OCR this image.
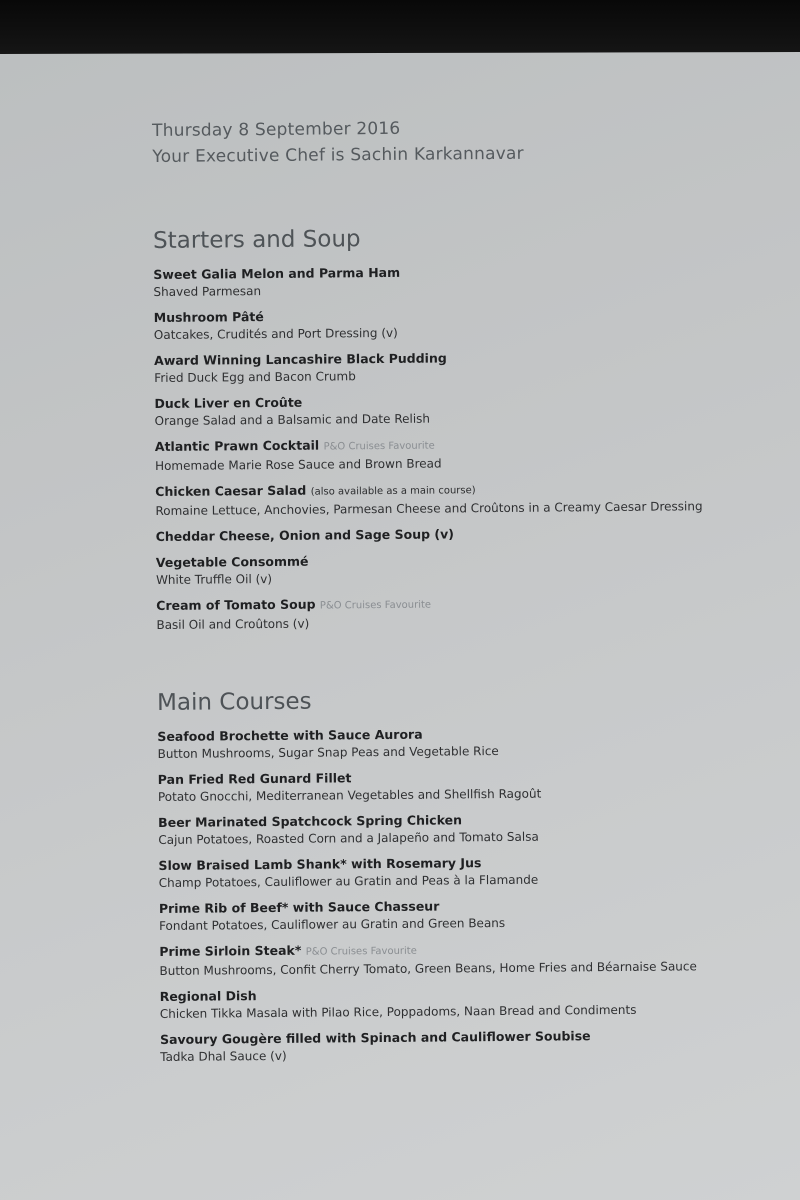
Thursday 8 September 2016

Your Executive Chef is Sachin Karkannavar

Starters and Soup
Sweet Galia Melon and Parma Ham
Shaved Parmesan
Mushroom Pâté
Oatcakes, Crudités and Port Dressing (v)
Award Winning Lancashire Black Pudding
Fried Duck Egg and Bacon Crumb
Duck Liver en Croûte
Orange Salad and a Balsamic and Date Relish
Atlantic Prawn Cocktail P&O Cruises Favourite
Homemade Marie Rose Sauce and Brown Bread
Chicken Caesar Salad (also available as a main course)
Romaine Lettuce, Anchovies, Parmesan Cheese and Croûtons in a Creamy Caesar Dressing
Cheddar Cheese, Onion and Sage Soup (v)
Vegetable Consommé
White Truffle Oil (v)
Cream of Tomato Soup P&O Cruises Favourite
Basil Oil and Croûtons (v)
Main Courses
Seafood Brochette with Sauce Aurora
Button Mushrooms, Sugar Snap Peas and Vegetable Rice
Pan Fried Red Gunard Fillet
Potato Gnocchi, Mediterranean Vegetables and Shellfish Ragoût
Beer Marinated Spatchcock Spring Chicken
Cajun Potatoes, Roasted Corn and a Jalapeño and Tomato Salsa
Slow Braised Lamb Shank* with Rosemary Jus
Champ Potatoes, Cauliflower au Gratin and Peas à la Flamande
Prime Rib of Beef* with Sauce Chasseur
Fondant Potatoes, Cauliflower au Gratin and Green Beans
Prime Sirloin Steak* P&O Cruises Favourite
Button Mushrooms, Confit Cherry Tomato, Green Beans, Home Fries and Béarnaise Sauce
Regional Dish
Chicken Tikka Masala with Pilao Rice, Poppadoms, Naan Bread and Condiments
Savoury Gougère filled with Spinach and Cauliflower Soubise
Tadka Dhal Sauce (v)
